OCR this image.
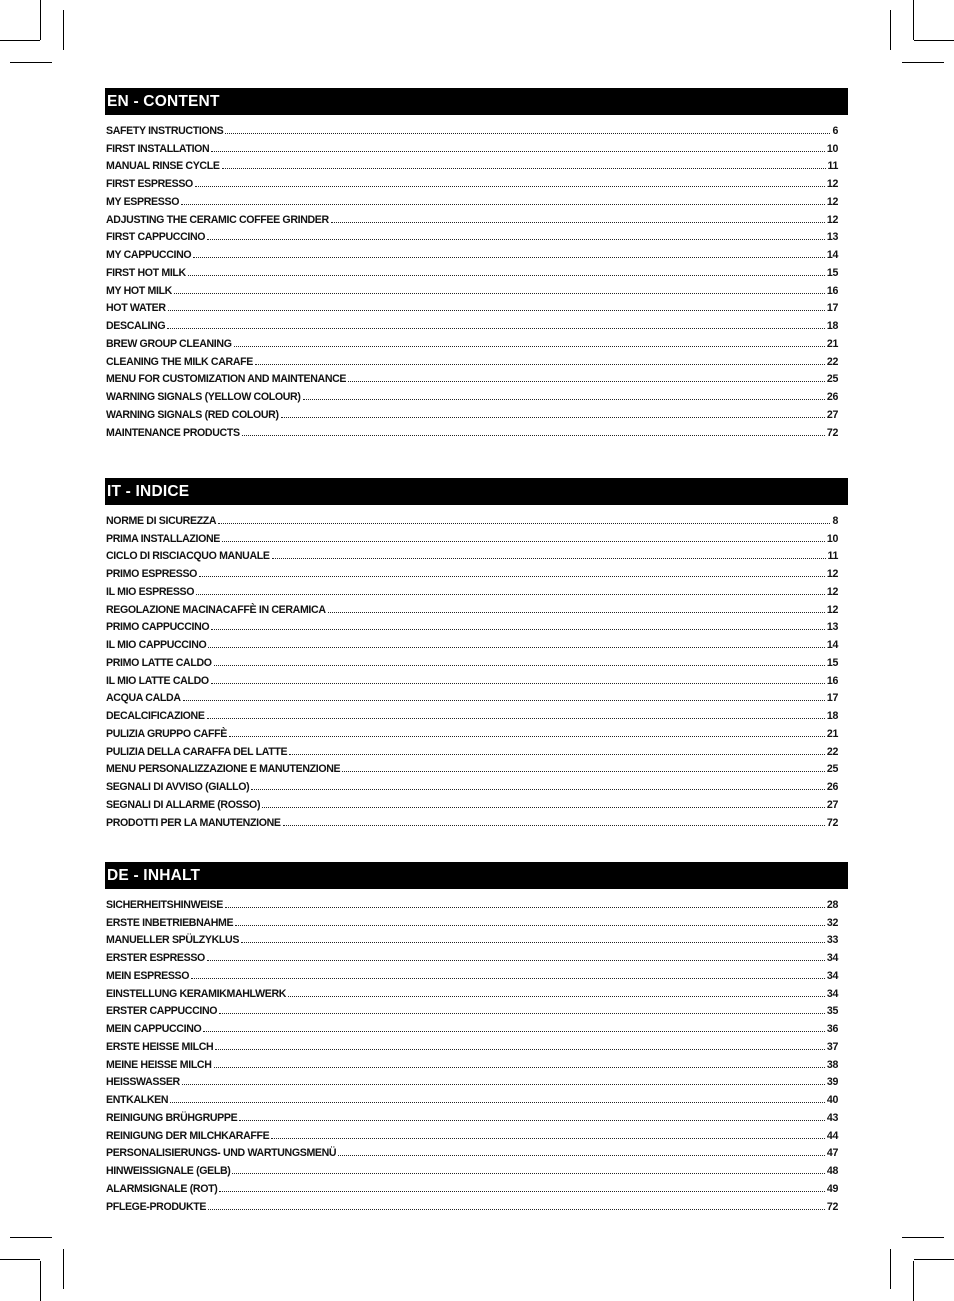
EN - CONTENT
SAFETY INSTRUCTIONS	6
FIRST INSTALLATION	10
MANUAL RINSE CYCLE	11
FIRST ESPRESSO	12
MY ESPRESSO	12
ADJUSTING THE CERAMIC COFFEE GRINDER	12
FIRST CAPPUCCINO	13
MY CAPPUCCINO	14
FIRST HOT MILK	15
MY HOT MILK	16
HOT WATER	17
DESCALING	18
BREW GROUP CLEANING	21
CLEANING THE MILK CARAFE	22
MENU FOR CUSTOMIZATION AND MAINTENANCE	25
WARNING SIGNALS (YELLOW COLOUR)	26
WARNING SIGNALS (RED COLOUR)	27
MAINTENANCE PRODUCTS	72
IT - INDICE
NORME DI SICUREZZA	8
PRIMA INSTALLAZIONE	10
CICLO DI RISCIACQUO MANUALE	11
PRIMO ESPRESSO	12
IL MIO ESPRESSO	12
REGOLAZIONE MACINACAFFÈ IN CERAMICA	12
PRIMO CAPPUCCINO	13
IL MIO CAPPUCCINO	14
PRIMO LATTE CALDO	15
IL MIO LATTE CALDO	16
ACQUA CALDA	17
DECALCIFICAZIONE	18
PULIZIA GRUPPO CAFFÈ	21
PULIZIA DELLA CARAFFA DEL LATTE	22
MENU PERSONALIZZAZIONE E MANUTENZIONE	25
SEGNALI DI AVVISO (GIALLO)	26
SEGNALI DI ALLARME (ROSSO)	27
PRODOTTI PER LA MANUTENZIONE	72
DE - INHALT
SICHERHEITSHINWEISE	28
ERSTE INBETRIEBNAHME	32
MANUELLER SPÜLZYKLUS	33
ERSTER ESPRESSO	34
MEIN ESPRESSO	34
EINSTELLUNG KERAMIKMAHLWERK	34
ERSTER CAPPUCCINO	35
MEIN CAPPUCCINO	36
ERSTE HEISSE MILCH	37
MEINE HEISSE MILCH	38
HEISSWASSER	39
ENTKALKEN	40
REINIGUNG BRÜHGRUPPE	43
REINIGUNG DER MILCHKARAFFE	44
PERSONALISIERUNGS- UND WARTUNGSMENÜ	47
HINWEISSIGNALE (GELB)	48
ALARMSIGNALE (ROT)	49
PFLEGE-PRODUKTE	72
